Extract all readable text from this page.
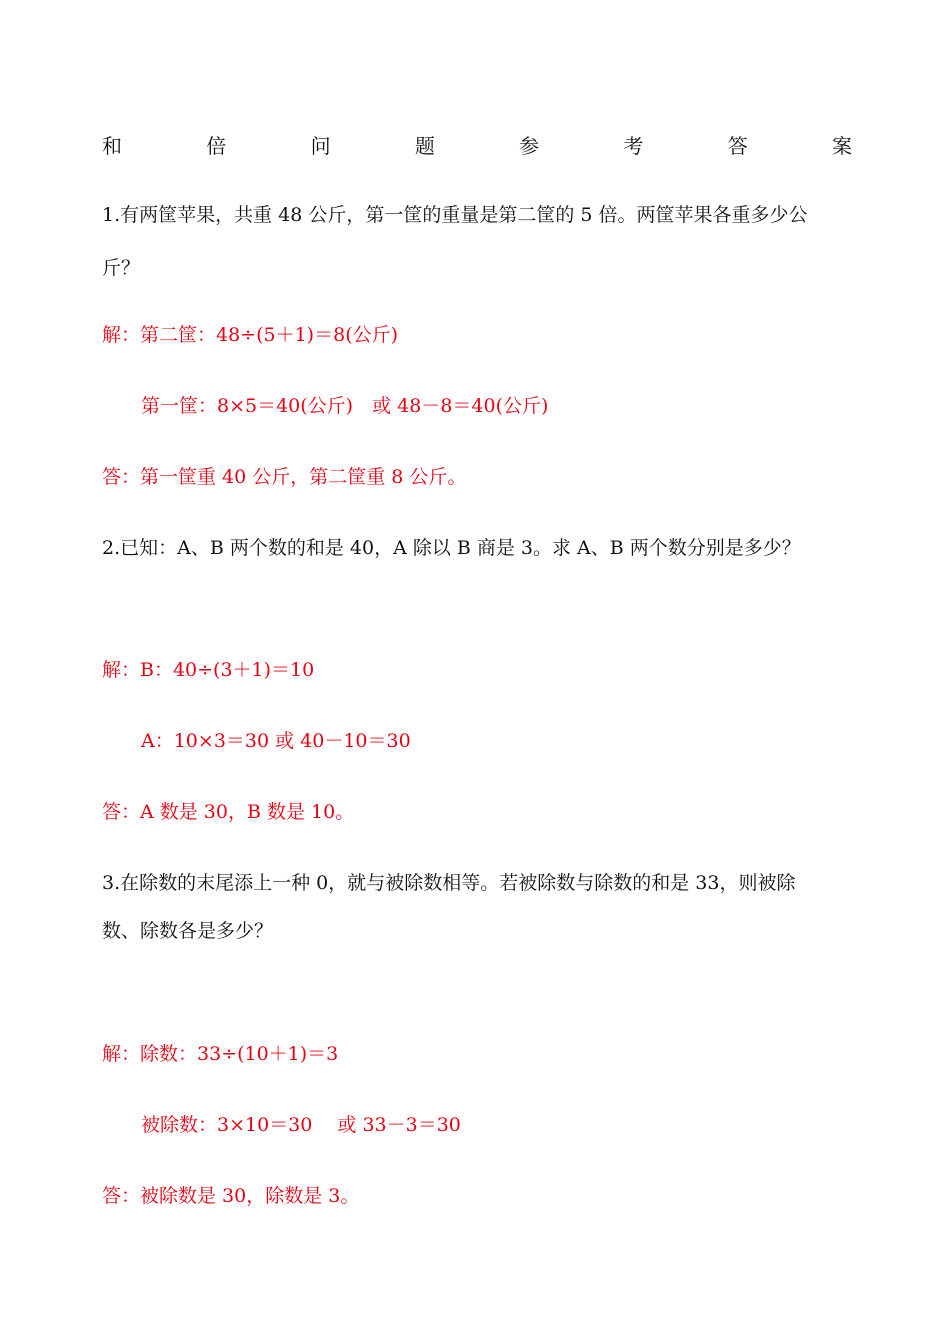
和	倍	问	题	参	考	答	案
1.有两筐苹果，共重 48 公斤，第一筐的重量是第二筐的 5 倍。两筐苹果各重多少公
斤？
解：第二筐：48÷(5＋1)＝8(公斤)
第一筐：8×5＝40(公斤)　或 48－8＝40(公斤)
答：第一筐重 40 公斤，第二筐重 8 公斤。
2.已知：A、B 两个数的和是 40，A 除以 B 商是 3。求 A、B 两个数分别是多少？
解：B：40÷(3＋1)＝10
A：10×3＝30 或 40－10＝30
答：A 数是 30，B 数是 10。
3.在除数的末尾添上一种 0，就与被除数相等。若被除数与除数的和是 33，则被除
数、除数各是多少？
解：除数：33÷(10＋1)＝3
被除数：3×10＝30　 或 33－3＝30
答：被除数是 30，除数是 3。
